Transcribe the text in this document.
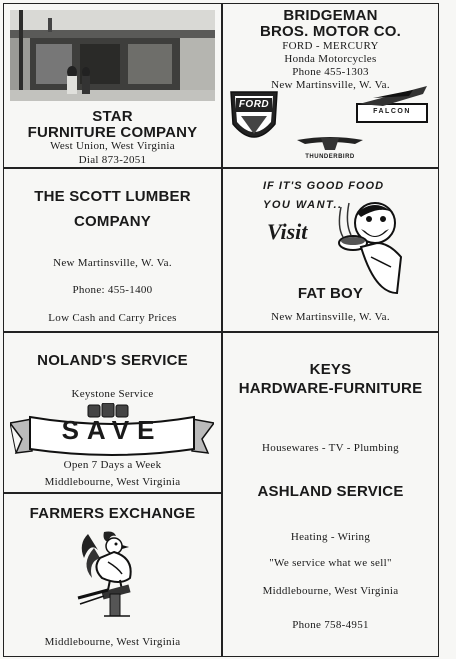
STAR
FURNITURE COMPANY
West Union, West Virginia
Dial 873-2051
BRIDGEMAN
BROS. MOTOR CO.
FORD - MERCURY
Honda Motorcycles
Phone 455-1303
New Martinsville, W. Va.
FORD
FALCON
THUNDERBIRD
THE SCOTT LUMBER
COMPANY
New Martinsville, W. Va.
Phone: 455-1400
Low Cash and Carry Prices
IF IT'S GOOD FOOD
YOU WANT..
Visit
FAT BOY
New Martinsville, W. Va.
NOLAND'S SERVICE
Keystone Service
SAVE
Open 7 Days a Week
Middlebourne, West Virginia
KEYS
HARDWARE-FURNITURE
Housewares - TV - Plumbing
ASHLAND SERVICE
Heating - Wiring
"We service what we sell"
Middlebourne, West Virginia
Phone 758-4951
FARMERS EXCHANGE
Middlebourne, West Virginia
